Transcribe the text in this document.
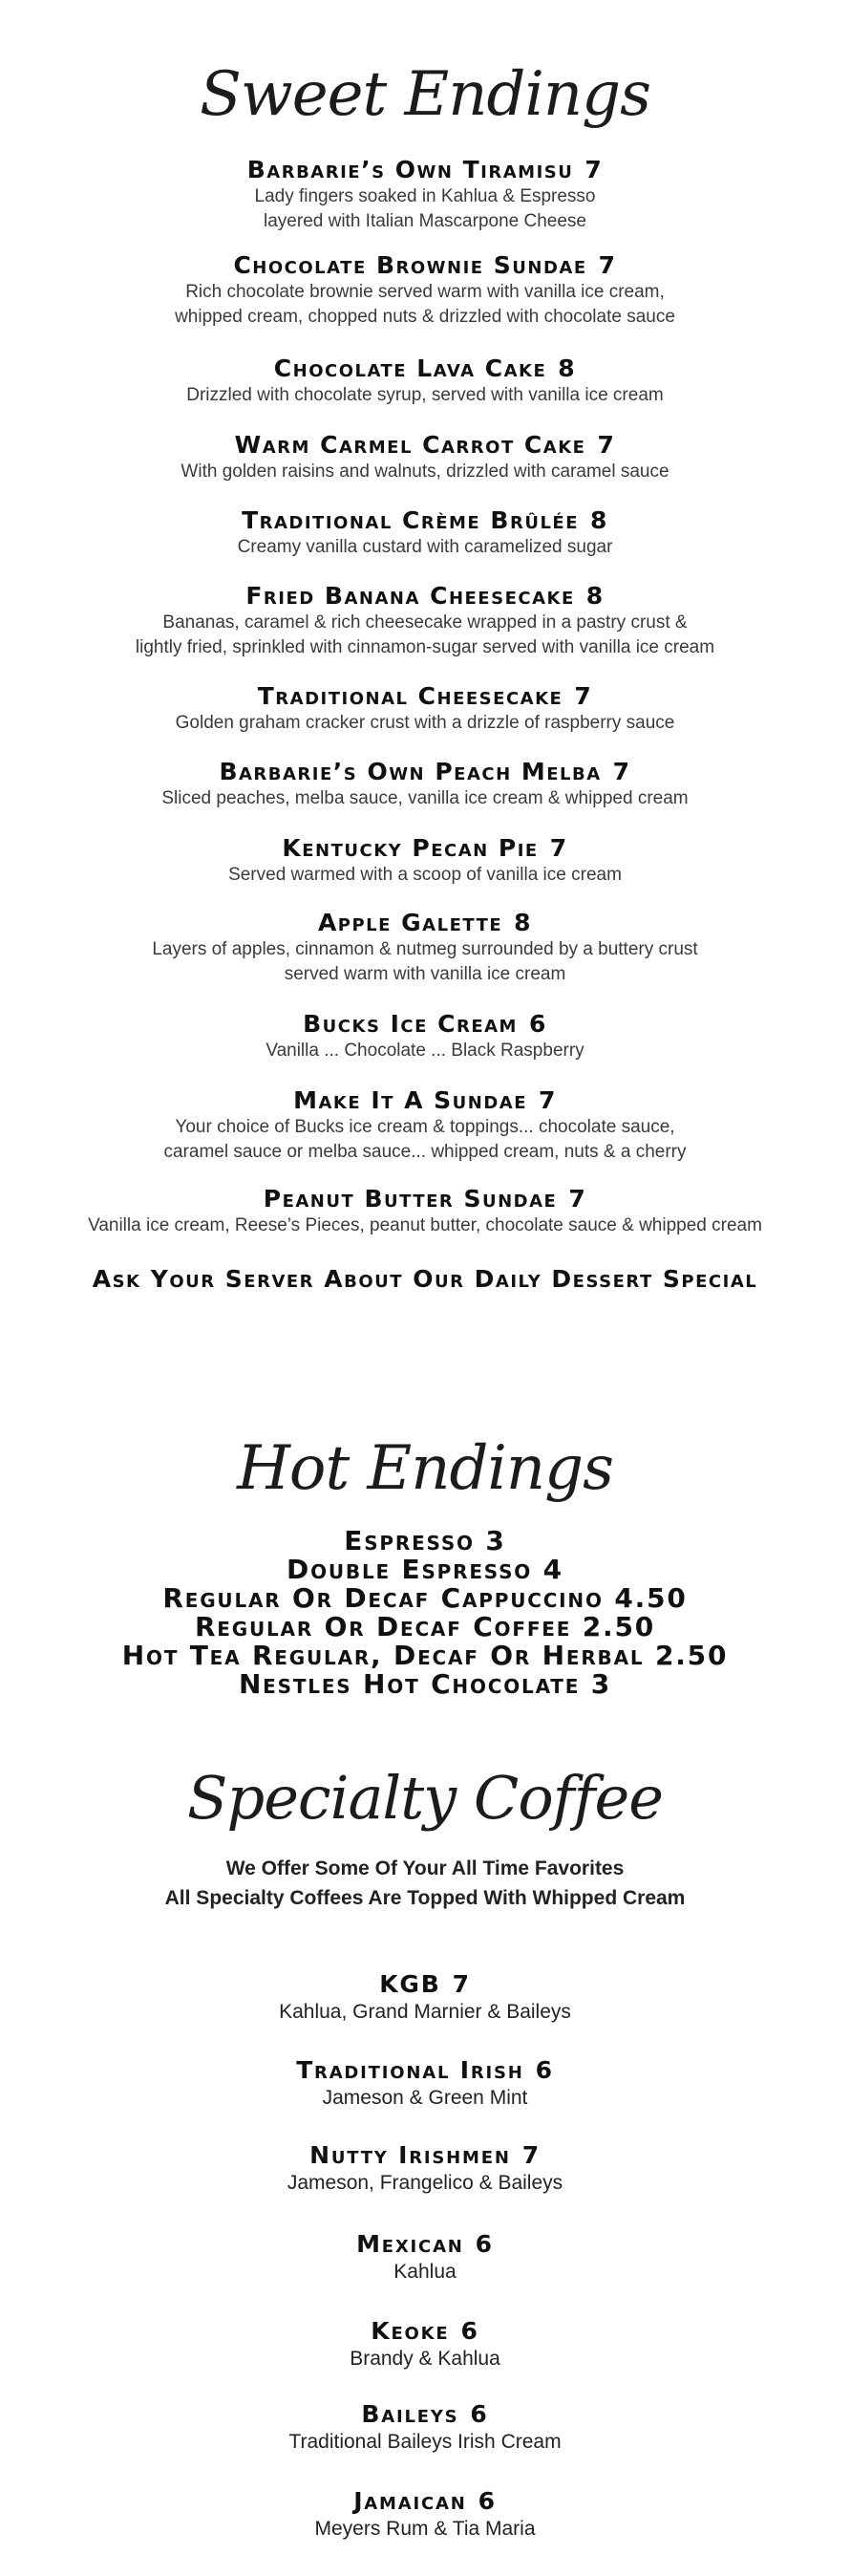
Sweet Endings
Barbarie’s Own Tiramisu 7
Lady fingers soaked in Kahlua & Espresso
layered with Italian Mascarpone Cheese
Chocolate Brownie Sundae 7
Rich chocolate brownie served warm with vanilla ice cream,
whipped cream, chopped nuts & drizzled with chocolate sauce
Chocolate Lava Cake 8
Drizzled with chocolate syrup, served with vanilla ice cream
Warm Carmel Carrot Cake 7
With golden raisins and walnuts, drizzled with caramel sauce
Traditional Crème Brûlée 8
Creamy vanilla custard with caramelized sugar
Fried Banana Cheesecake 8
Bananas, caramel & rich cheesecake wrapped in a pastry crust &
lightly fried, sprinkled with cinnamon-sugar served with vanilla ice cream
Traditional Cheesecake 7
Golden graham cracker crust with a drizzle of raspberry sauce
Barbarie’s Own Peach Melba 7
Sliced peaches, melba sauce, vanilla ice cream & whipped cream
Kentucky Pecan Pie 7
Served warmed with a scoop of vanilla ice cream
Apple Galette 8
Layers of apples, cinnamon & nutmeg surrounded by a buttery crust
served warm with vanilla ice cream
Bucks Ice Cream 6
Vanilla ... Chocolate ... Black Raspberry
Make It A Sundae 7
Your choice of Bucks ice cream & toppings... chocolate sauce,
caramel sauce or melba sauce... whipped cream, nuts & a cherry
Peanut Butter Sundae 7
Vanilla ice cream, Reese’s Pieces, peanut butter, chocolate sauce & whipped cream
Ask Your Server About Our Daily Dessert Special
Hot Endings
Espresso 3
Double Espresso 4
Regular Or Decaf Cappuccino 4.50
Regular Or Decaf Coffee 2.50
Hot Tea Regular, Decaf Or Herbal 2.50
Nestles Hot Chocolate 3
Specialty Coffee
We Offer Some Of Your All Time Favorites
All Specialty Coffees Are Topped With Whipped Cream
KGB 7
Kahlua, Grand Marnier & Baileys
Traditional Irish 6
Jameson & Green Mint
Nutty Irishmen 7
Jameson, Frangelico & Baileys
Mexican 6
Kahlua
Keoke 6
Brandy & Kahlua
Baileys 6
Traditional Baileys Irish Cream
Jamaican 6
Meyers Rum & Tia Maria
